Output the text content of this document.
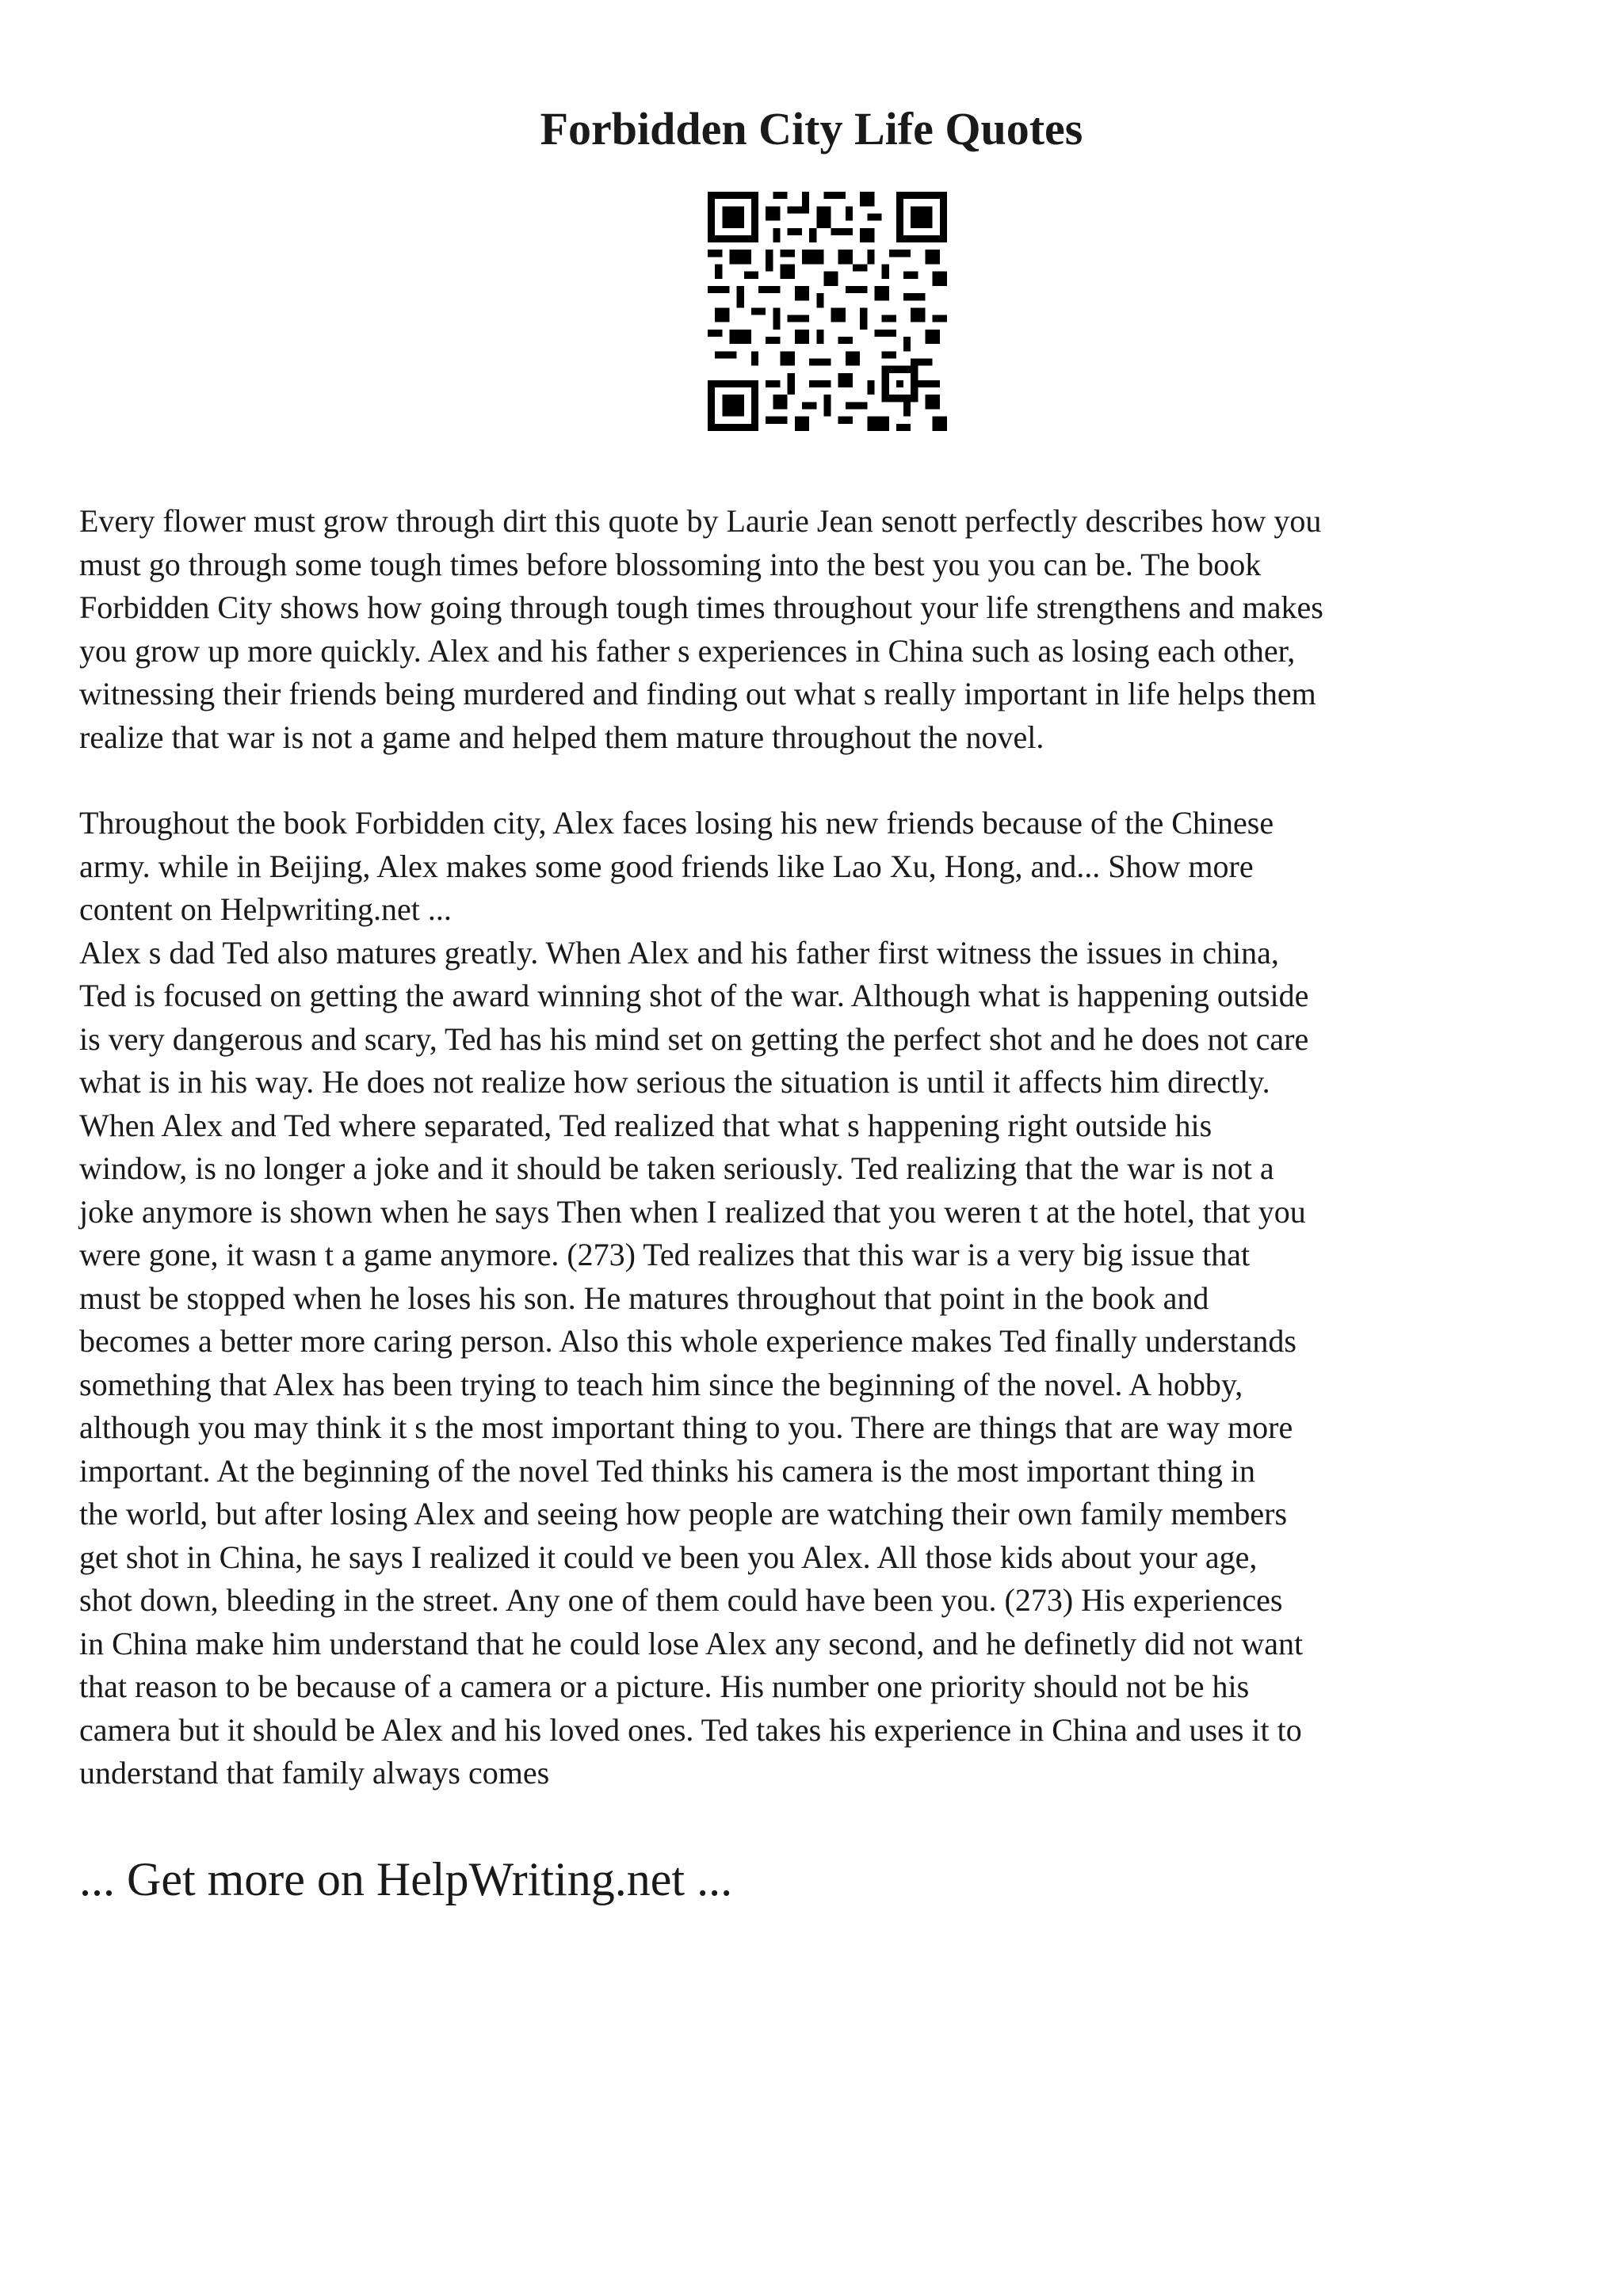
Forbidden City Life Quotes

Every flower must grow through dirt this quote by Laurie Jean senott perfectly describes how you
must go through some tough times before blossoming into the best you you can be. The book
Forbidden City shows how going through tough times throughout your life strengthens and makes
you grow up more quickly. Alex and his father s experiences in China such as losing each other,
witnessing their friends being murdered and finding out what s really important in life helps them
realize that war is not a game and helped them mature throughout the novel.

Throughout the book Forbidden city, Alex faces losing his new friends because of the Chinese
army. while in Beijing, Alex makes some good friends like Lao Xu, Hong, and... Show more
content on Helpwriting.net ...

Alex s dad Ted also matures greatly. When Alex and his father first witness the issues in china,
Ted is focused on getting the award winning shot of the war. Although what is happening outside
is very dangerous and scary, Ted has his mind set on getting the perfect shot and he does not care
what is in his way. He does not realize how serious the situation is until it affects him directly.
When Alex and Ted where separated, Ted realized that what s happening right outside his
window, is no longer a joke and it should be taken seriously. Ted realizing that the war is not a
joke anymore is shown when he says Then when I realized that you weren t at the hotel, that you
were gone, it wasn t a game anymore. (273) Ted realizes that this war is a very big issue that
must be stopped when he loses his son. He matures throughout that point in the book and
becomes a better more caring person. Also this whole experience makes Ted finally understands
something that Alex has been trying to teach him since the beginning of the novel. A hobby,
although you may think it s the most important thing to you. There are things that are way more
important. At the beginning of the novel Ted thinks his camera is the most important thing in
the world, but after losing Alex and seeing how people are watching their own family members
get shot in China, he says I realized it could ve been you Alex. All those kids about your age,
shot down, bleeding in the street. Any one of them could have been you. (273) His experiences
in China make him understand that he could lose Alex any second, and he definetly did not want
that reason to be because of a camera or a picture. His number one priority should not be his
camera but it should be Alex and his loved ones. Ted takes his experience in China and uses it to
understand that family always comes

... Get more on HelpWriting.net ...
